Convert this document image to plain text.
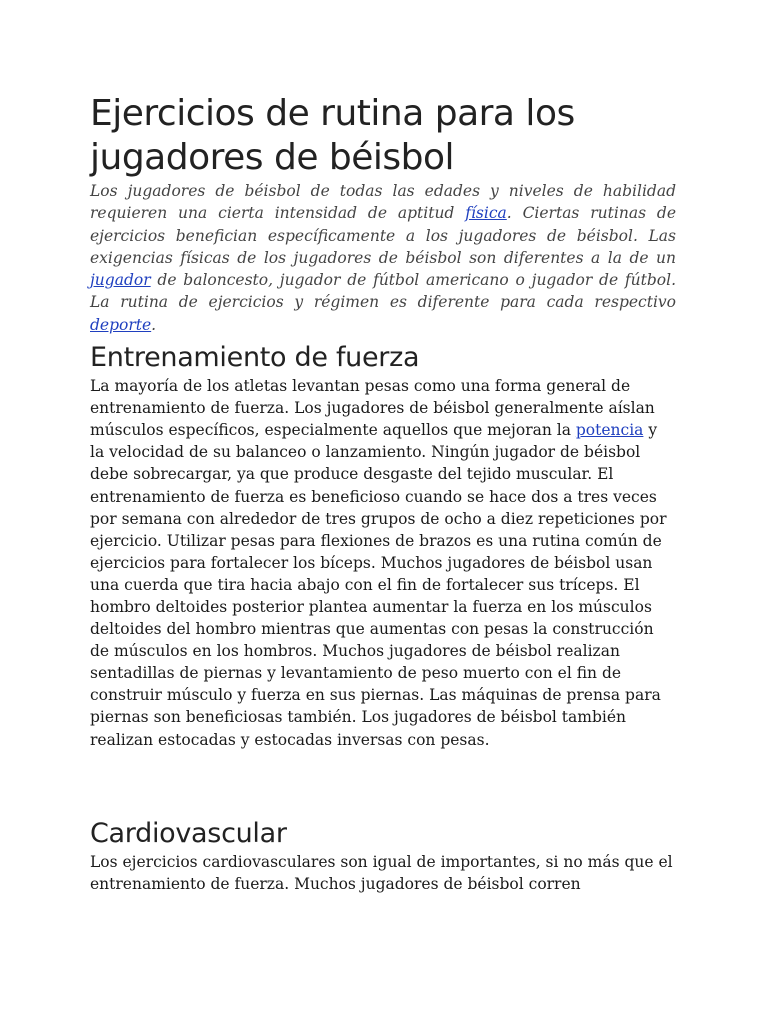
Ejercicios de rutina para los jugadores de béisbol

Los jugadores de béisbol de todas las edades y niveles de habilidad requieren una cierta intensidad de aptitud física. Ciertas rutinas de ejercicios benefician específicamente a los jugadores de béisbol. Las exigencias físicas de los jugadores de béisbol son diferentes a la de un jugador de baloncesto, jugador de fútbol americano o jugador de fútbol. La rutina de ejercicios y régimen es diferente para cada respectivo deporte.

Entrenamiento de fuerza

La mayoría de los atletas levantan pesas como una forma general de entrenamiento de fuerza. Los jugadores de béisbol generalmente aíslan músculos específicos, especialmente aquellos que mejoran la potencia y la velocidad de su balanceo o lanzamiento. Ningún jugador de béisbol debe sobrecargar, ya que produce desgaste del tejido muscular. El entrenamiento de fuerza es beneficioso cuando se hace dos a tres veces por semana con alrededor de tres grupos de ocho a diez repeticiones por ejercicio. Utilizar pesas para flexiones de brazos es una rutina común de ejercicios para fortalecer los bíceps. Muchos jugadores de béisbol usan una cuerda que tira hacia abajo con el fin de fortalecer sus tríceps. El hombro deltoides posterior plantea aumentar la fuerza en los músculos deltoides del hombro mientras que aumentas con pesas la construcción de músculos en los hombros. Muchos jugadores de béisbol realizan sentadillas de piernas y levantamiento de peso muerto con el fin de construir músculo y fuerza en sus piernas. Las máquinas de prensa para piernas son beneficiosas también. Los jugadores de béisbol también realizan estocadas y estocadas inversas con pesas.

Cardiovascular

Los ejercicios cardiovasculares son igual de importantes, si no más que el entrenamiento de fuerza. Muchos jugadores de béisbol corren
